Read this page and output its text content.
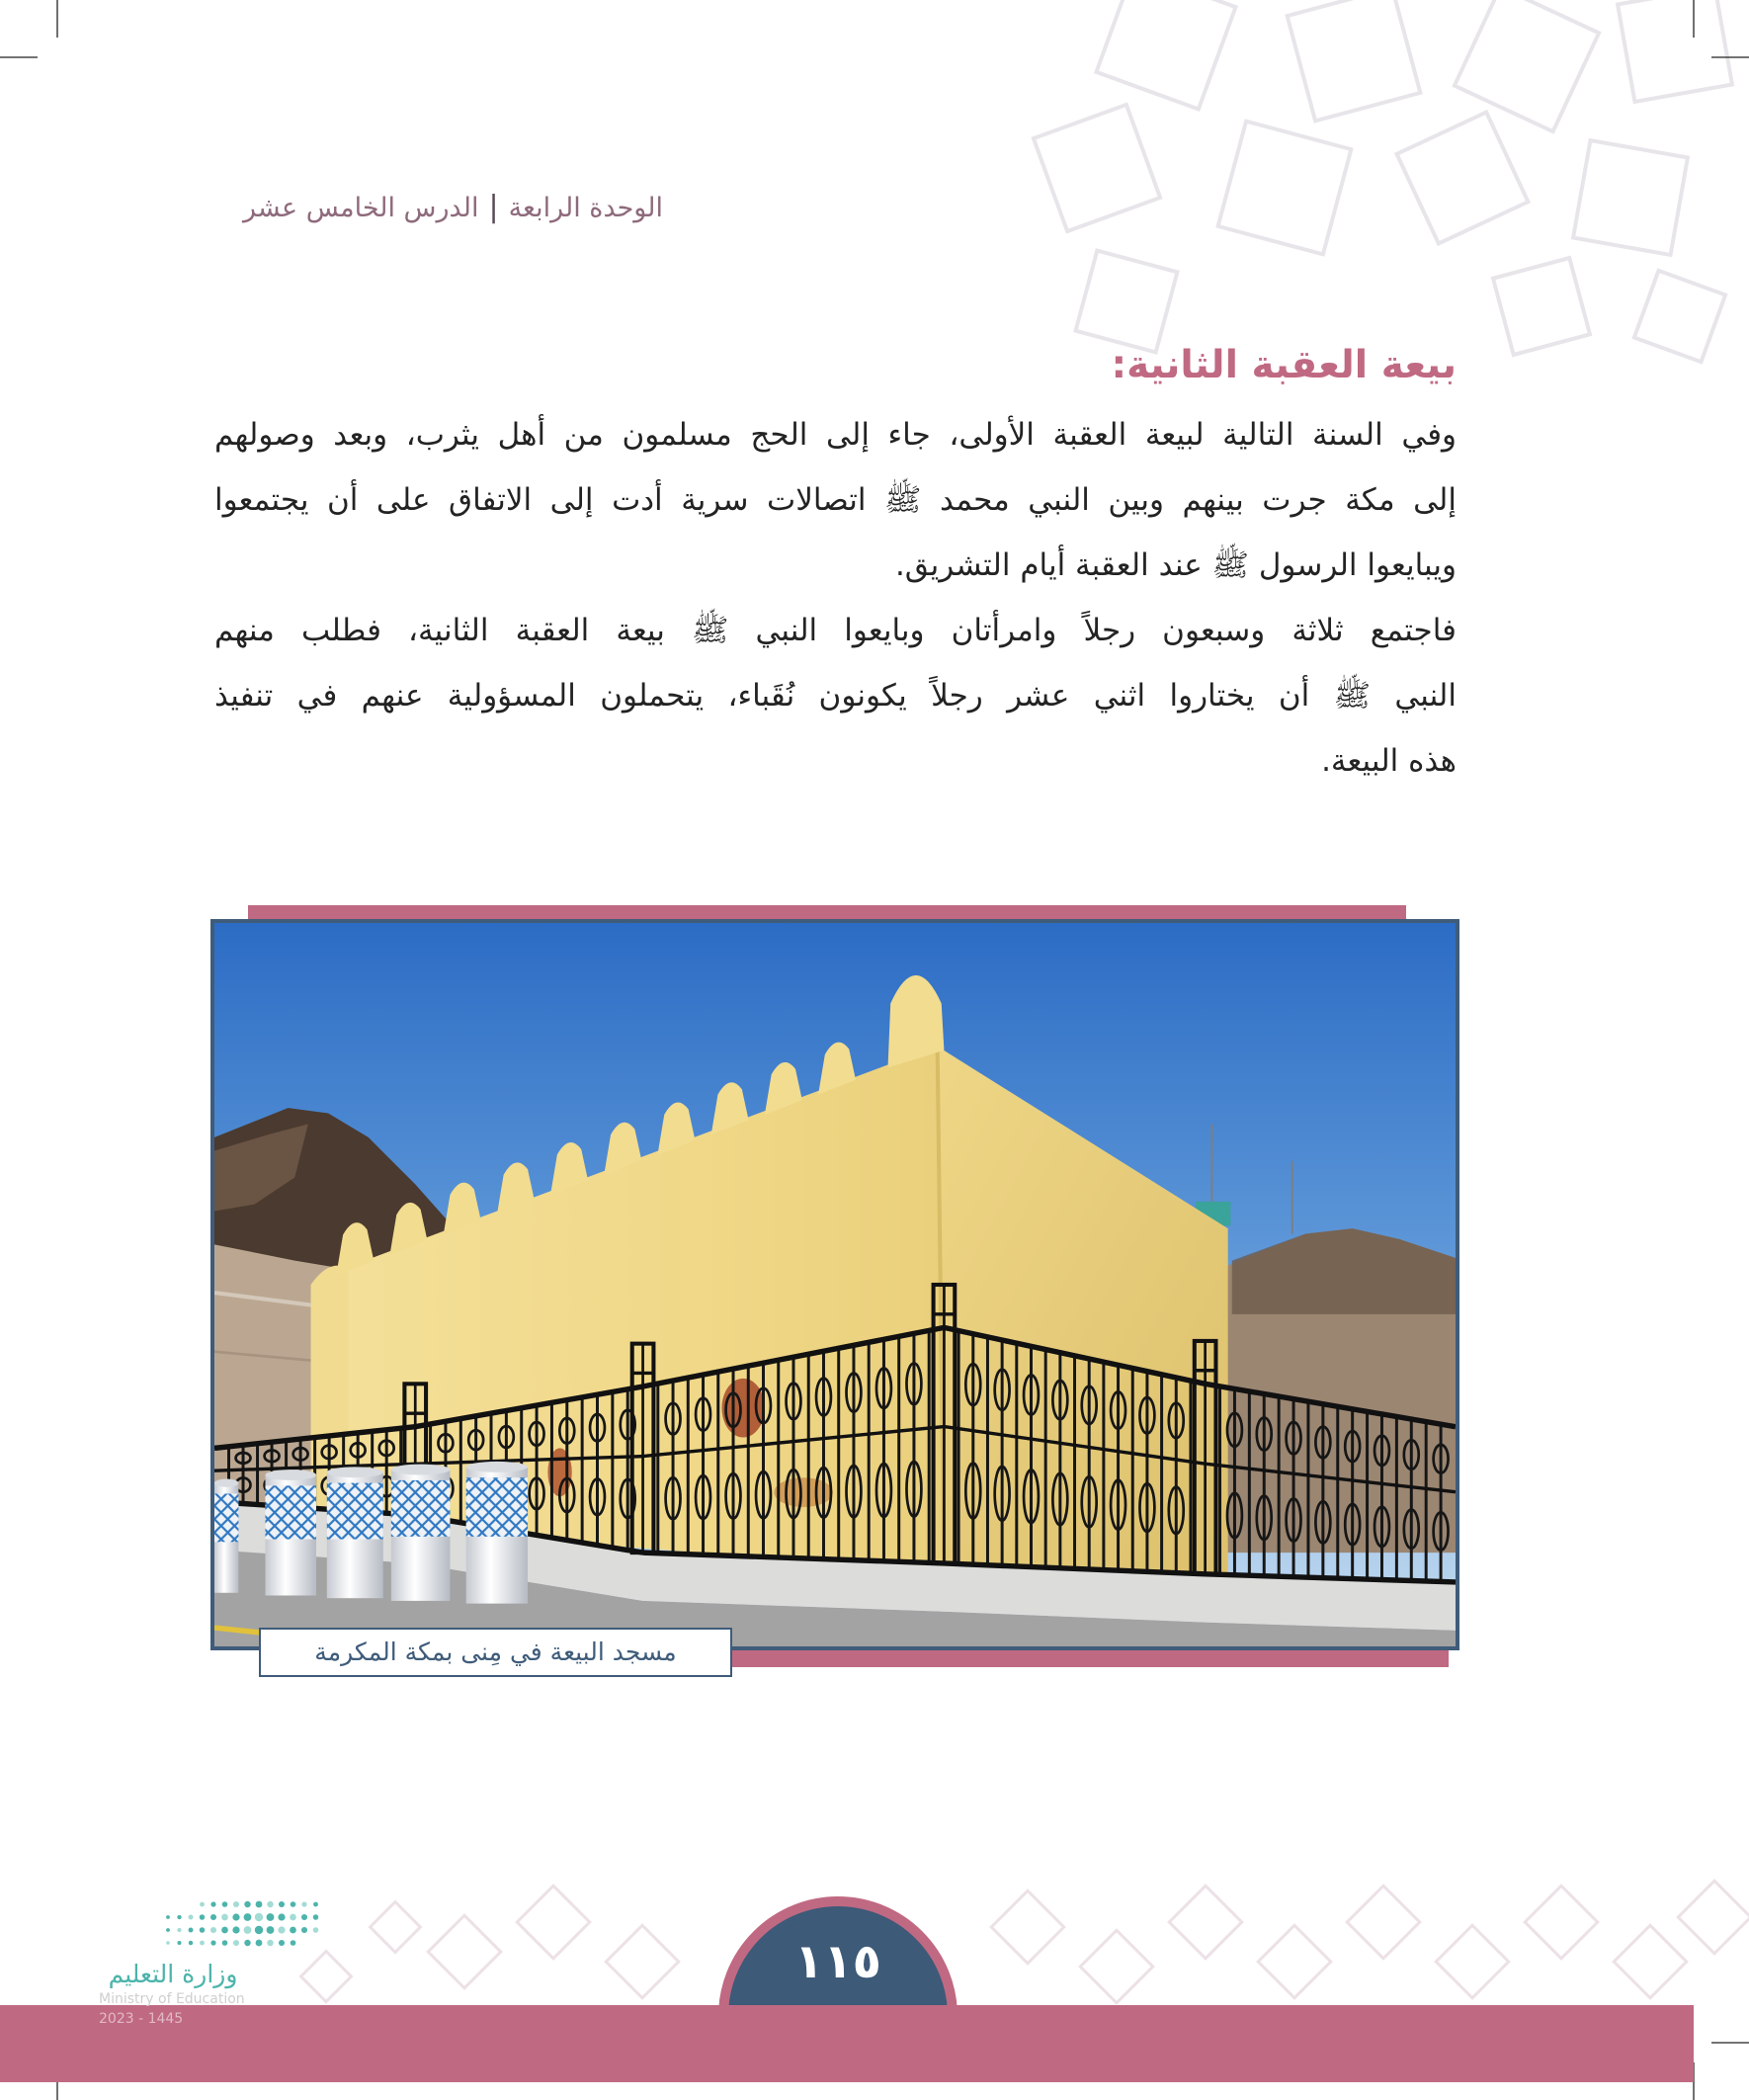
الوحدة الرابعة|الدرس الخامس عشر
بيعة العقبة الثانية:
وفي السنة التالية لبيعة العقبة الأولى، جاء إلى الحج مسلمون من أهل يثرب، وبعد وصولهم
إلى مكة جرت بينهم وبين النبي محمد ﷺ اتصالات سرية أدت إلى الاتفاق على أن يجتمعوا
ويبايعوا الرسول ﷺ عند العقبة أيام التشريق.
فاجتمع ثلاثة وسبعون رجلاً وامرأتان وبايعوا النبي ﷺ بيعة العقبة الثانية، فطلب منهم
النبي ﷺ أن يختاروا اثني عشر رجلاً يكونون نُقَباء، يتحملون المسؤولية عنهم في تنفيذ
هذه البيعة.
مسجد البيعة في مِنى بمكة المكرمة
١١٥
وزارة التعليم
Ministry of Education
2023 - 1445
